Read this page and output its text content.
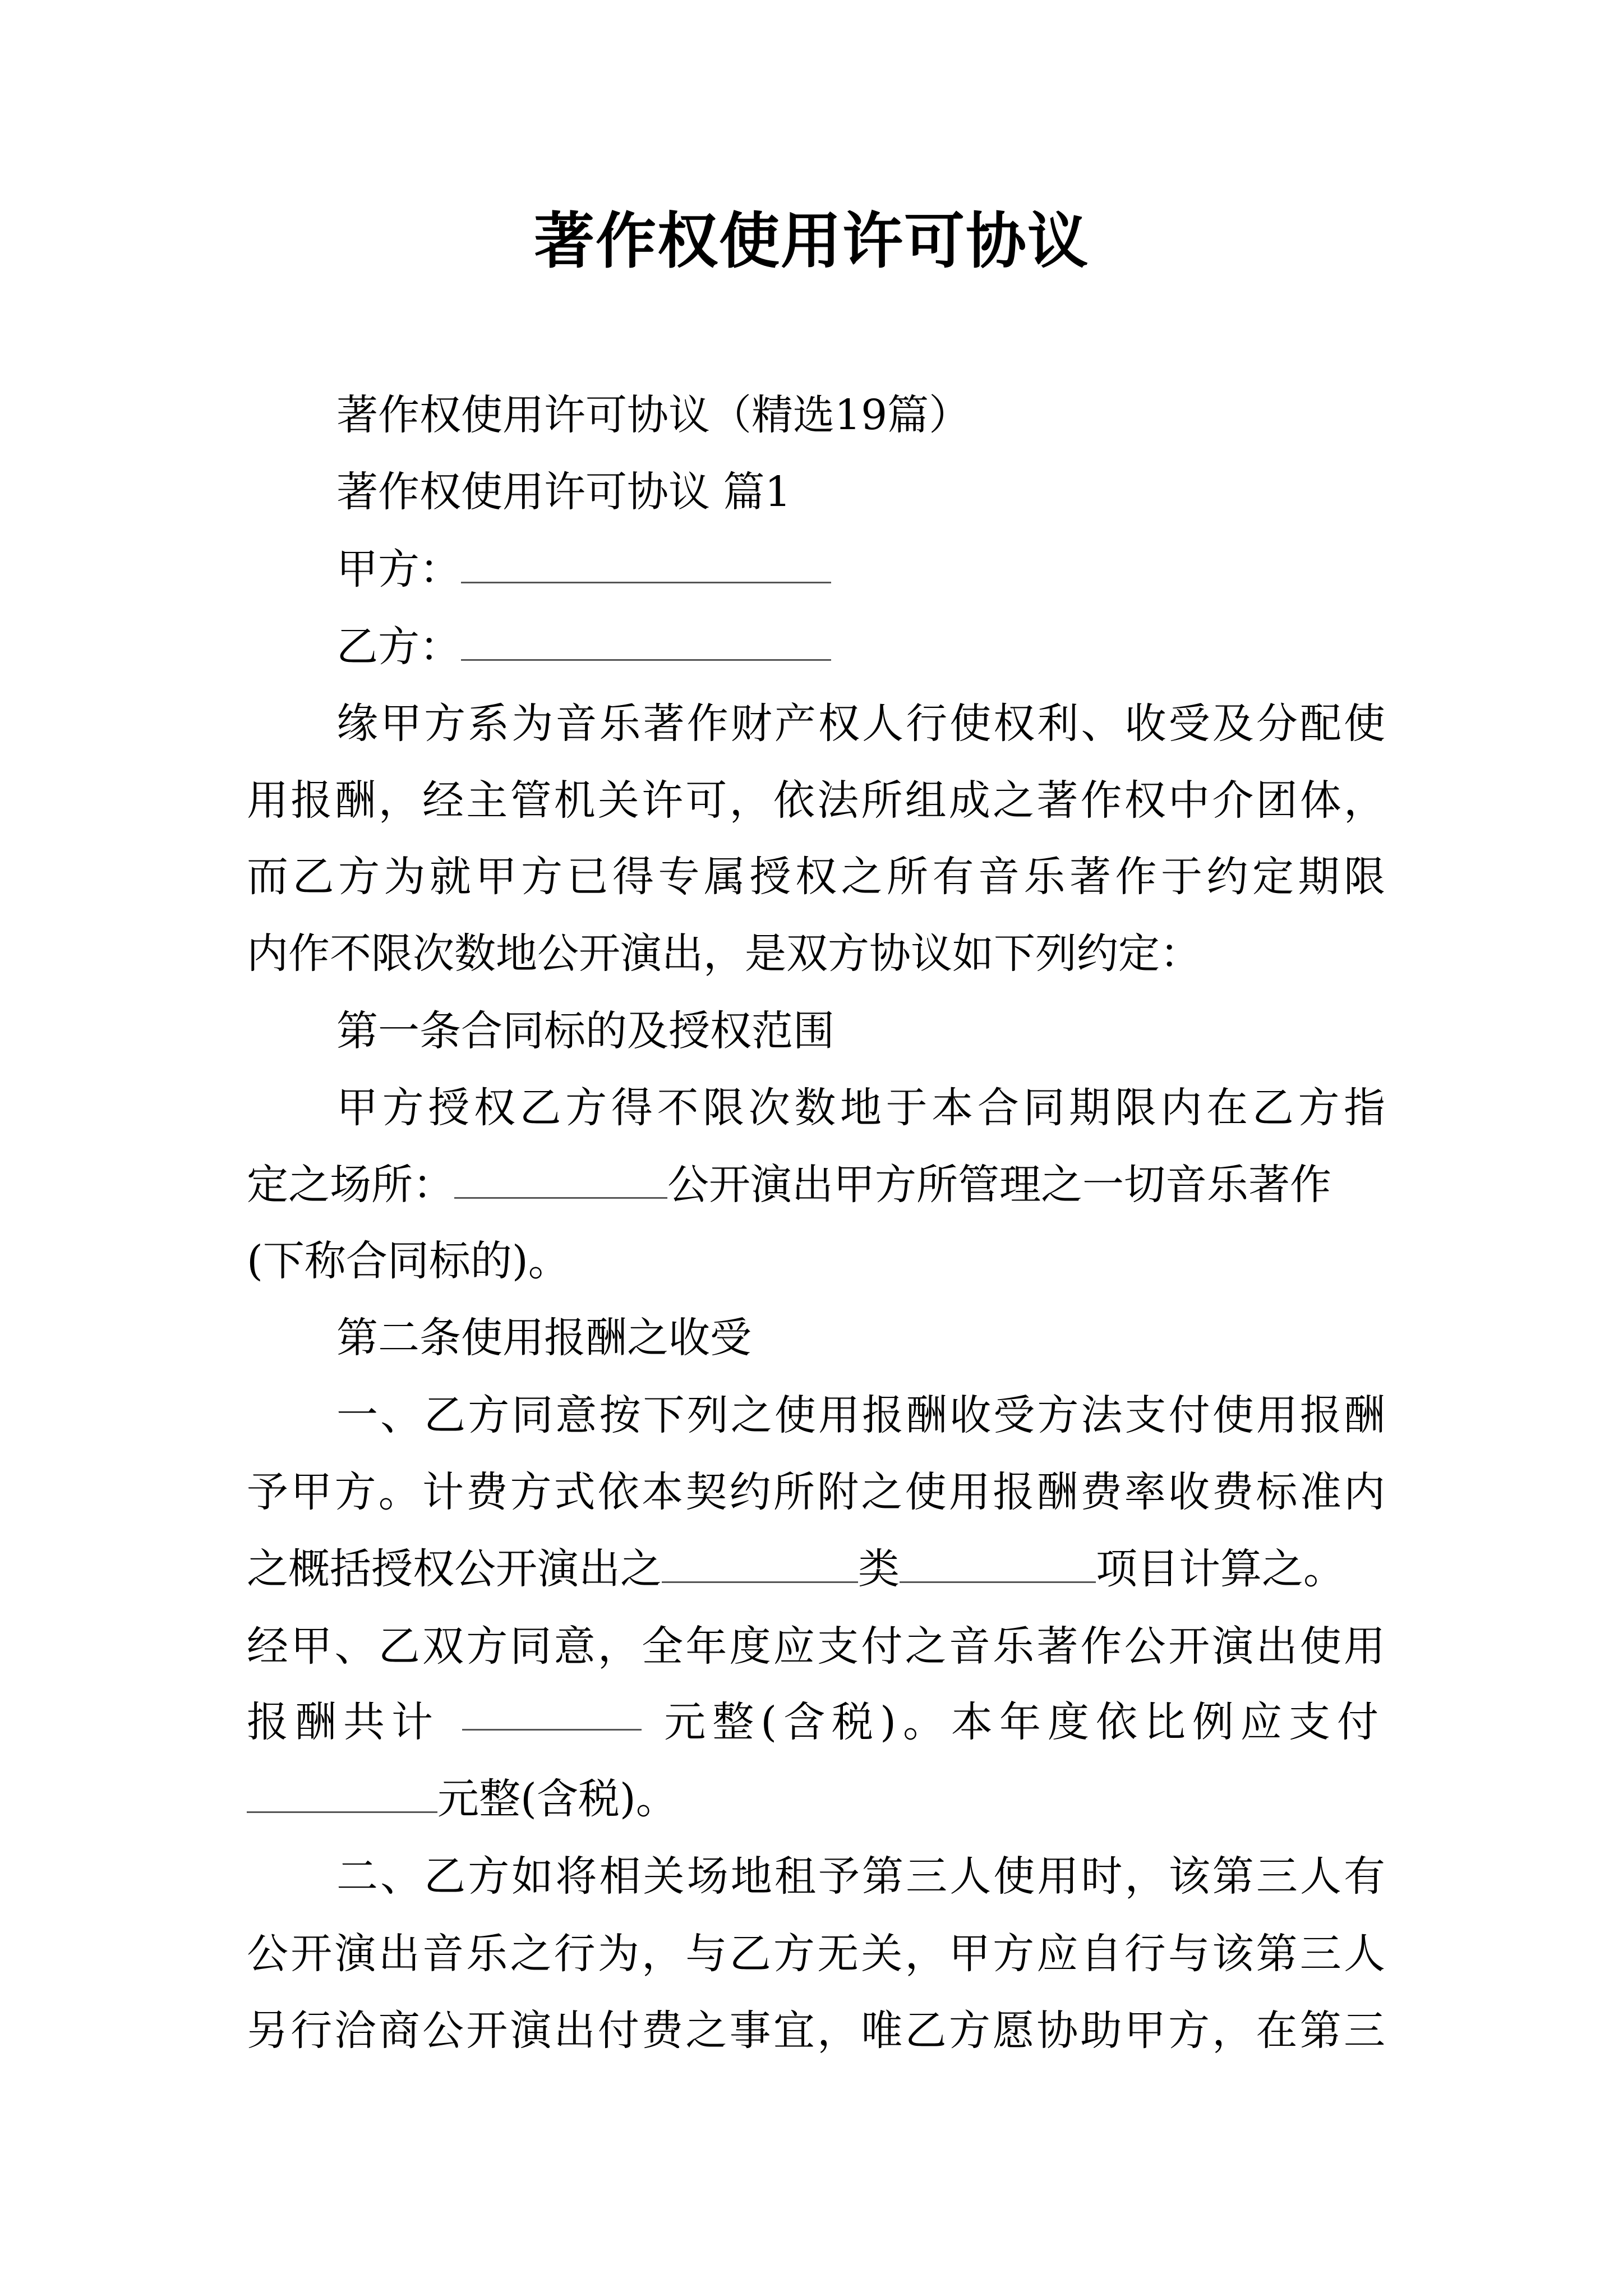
著作权使用许可协议
著作权使用许可协议（精选19篇）
著作权使用许可协议 篇1
甲方：
乙方：
缘甲方系为音乐著作财产权人行使权利、收受及分配使
用报酬，经主管机关许可，依法所组成之著作权中介团体，
而乙方为就甲方已得专属授权之所有音乐著作于约定期限
内作不限次数地公开演出，是双方协议如下列约定：
第一条合同标的及授权范围
甲方授权乙方得不限次数地于本合同期限内在乙方指
定之场所：	公开演出甲方所管理之一切音乐著作
(下称合同标的)。
第二条使用报酬之收受
一、乙方同意按下列之使用报酬收受方法支付使用报酬
予甲方。计费方式依本契约所附之使用报酬费率收费标准内
之概括授权公开演出之	类	项目计算之。
经甲、乙双方同意，全年度应支付之音乐著作公开演出使用
报酬共计	元整(含税)。本年度依比例应支付
元整(含税)。
二、乙方如将相关场地租予第三人使用时，该第三人有
公开演出音乐之行为，与乙方无关，甲方应自行与该第三人
另行洽商公开演出付费之事宜，唯乙方愿协助甲方，在第三
